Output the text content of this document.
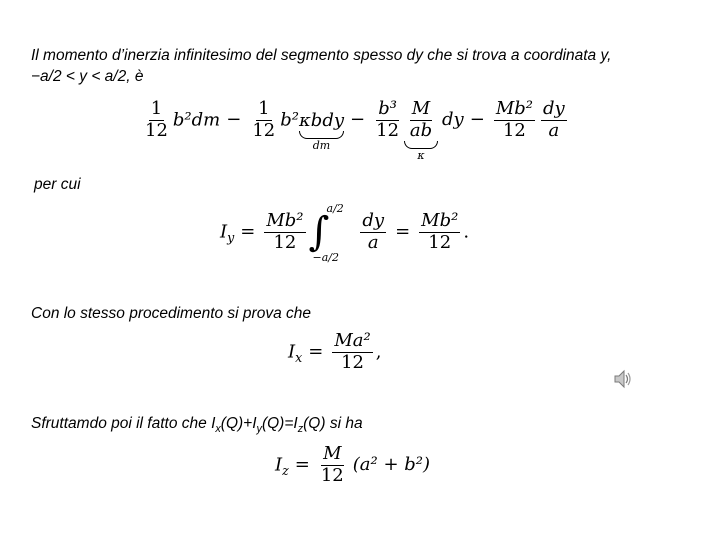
Il momento d’inerzia infinitesimo del segmento spesso dy che si trova a coordinata y,
−a/2 < y < a/2, è
$\frac{1}{12} b^2dm - \frac{1}{12} b^2$ κbdy
dm
− $\frac{\text{b³}}{12} \frac{M}{ab}$
κ
dy − $\frac{\text{Mb²}}{12} \frac{dy}{a}$
per cui
$I_y = \frac{\text{Mb²}}{12}$ ∫
a/2
−a/2
$\frac{dy}{a} = \frac{\text{Mb²}}{12}$ .
Con lo stesso procedimento si prova che
$I_x = \frac{\text{Ma²}}{12}$ ,
Sfruttamdo poi il fatto che $I_x(Q)+I_y(Q)=I_z(Q)$ si ha
$I_z = \frac{M}{12} (a^2 + b^2)$
